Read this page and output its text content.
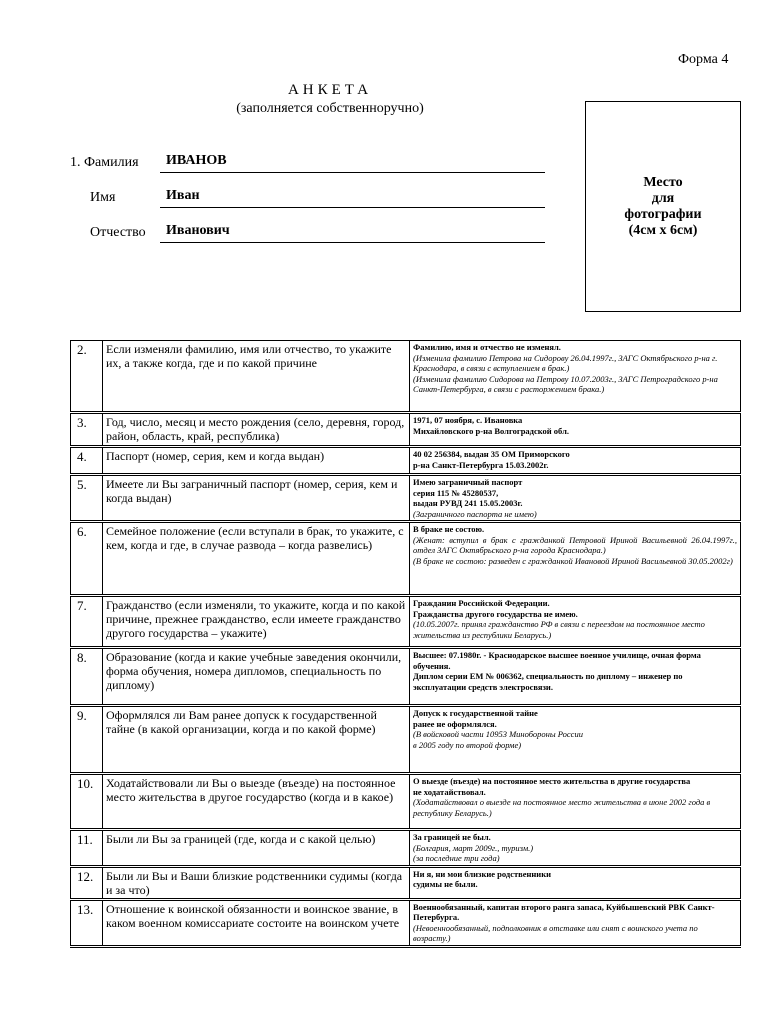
Форма 4
АНКЕТА
(заполняется собственноручно)
Место
для
фотографии
(4см х 6см)
1. Фамилия ИВАНОВ
Имя	Иван
Отчество Иванович
2.	Если изменяли фамилию, имя или отчество, то укажите их, а также когда, где и по какой причине	Фамилию, имя и отчество не изменял.
(Изменила фамилию Петрова на Сидорову 26.04.1997г., ЗАГС Октябрьского р-на г. Краснодара, в связи с вступлением в брак.)
(Изменила фамилию Сидорова на Петрову 10.07.2003г., ЗАГС Петроградского р-на Санкт-Петербурга, в связи с расторжением брака.)

3.	Год, число, месяц и место рождения (село, деревня, город, район, область, край, республика)	1971, 07 ноября, с. Ивановка
Михайловского р-на Волгоградской обл.

4.	Паспорт (номер, серия, кем и когда выдан)	40 02 256384, выдан 35 ОМ Приморского
р-на Санкт-Петербурга 15.03.2002г.

5.	Имеете ли Вы заграничный паспорт (номер, серия, кем и когда выдан)	Имею заграничный паспорт
серия 115 № 45280537,
выдан РУВД 241 15.05.2003г.
(Заграничного паспорта не имею)

6.	Семейное положение (если вступали в брак, то укажите, с кем, когда и где, в случае развода – когда развелись)	В браке не состою.
(Женат: вступил в брак с гражданкой Петровой Ириной Васильевной 26.04.1997г., отдел ЗАГС Октябрьского р-на города Краснодара.)
(В браке не состою: разведен с гражданкой Ивановой Ириной Васильевной 30.05.2002г)

7.	Гражданство (если изменяли, то укажите, когда и по какой причине, прежнее гражданство, если имеете гражданство другого государства – укажите)	Гражданин Российской Федерации.
Гражданства другого государства не имею.
(10.05.2007г. принял гражданство РФ в связи с переездом на постоянное место жительства из республики Беларусь.)

8.	Образование (когда и какие учебные заведения окончили, форма обучения, номера дипломов, специальность по диплому)	Высшее: 07.1980г. - Краснодарское высшее военное училище, очная форма обучения.
Диплом серии ЕМ № 006362, специальность по диплому – инженер по эксплуатации средств электросвязи.

9.	Оформлялся ли Вам ранее допуск к государственной тайне (в какой организации, когда и по какой форме)	Допуск к государственной тайне
ранее не оформлялся.
(В войсковой части 10953 Минобороны России
в 2005 году по второй форме)

10.	Ходатайствовали ли Вы о выезде (въезде) на постоянное место жительства в другое государство (когда и в какое)	О выезде (въезде) на постоянное место жительства в другие государства
не ходатайствовал.
(Ходатайствовал о выезде на постоянное место жительства в июне 2002 года в республику Беларусь.)

11.	Были ли Вы за границей (где, когда и с какой целью)	За границей не был.
(Болгария, март 2009г., туризм.)
(за последние три года)

12.	Были ли Вы и Ваши близкие родственники судимы (когда и за что)	Ни я, ни мои близкие родственники
судимы не были.

13.	Отношение к воинской обязанности и воинское звание, в каком военном комиссариате состоите на воинском учете	Военнообязанный, капитан второго ранга запаса, Куйбышевский РВК Санкт-Петербурга.
(Невоеннообязанный, подполковник в отставке или снят с воинского учета по возрасту.)
